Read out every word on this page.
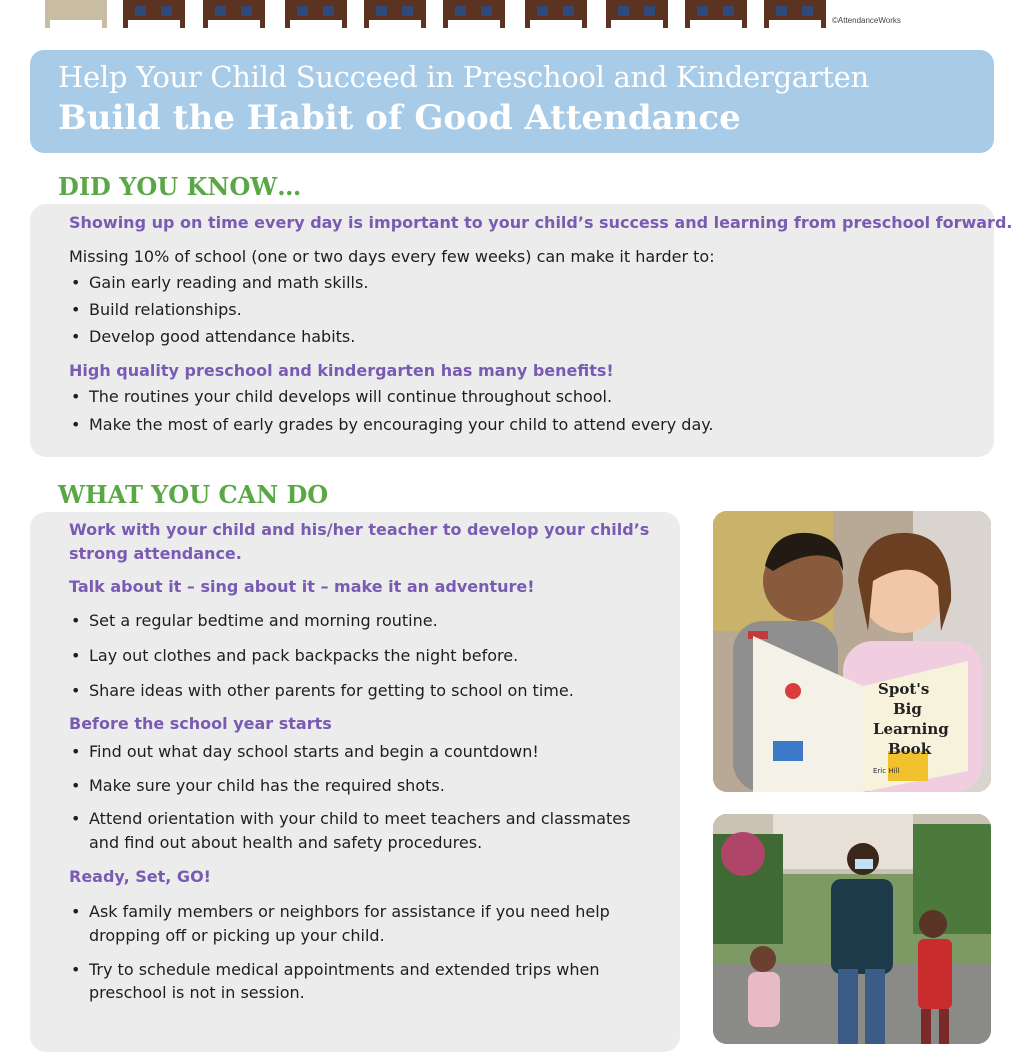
©AttendanceWorks
Help Your Child Succeed in Preschool and Kindergarten
Build the Habit of Good Attendance
DID YOU KNOW…
Showing up on time every day is important to your child’s success and learning from preschool forward.
Missing 10% of school (one or two days every few weeks) can make it harder to:
• Gain early reading and math skills.
• Build relationships.
• Develop good attendance habits.
High quality preschool and kindergarten has many benefits!
• The routines your child develops will continue throughout school.
• Make the most of early grades by encouraging your child to attend every day.
WHAT YOU CAN DO
Work with your child and his/her teacher to develop your child’s
strong attendance.
Talk about it – sing about it – make it an adventure!
• Set a regular bedtime and morning routine.
• Lay out clothes and pack backpacks the night before.
• Share ideas with other parents for getting to school on time.
Before the school year starts
• Find out what day school starts and begin a countdown!
• Make sure your child has the required shots.
• Attend orientation with your child to meet teachers and classmates
and find out about health and safety procedures.
Ready, Set, GO!
• Ask family members or neighbors for assistance if you need help
dropping off or picking up your child.
• Try to schedule medical appointments and extended trips when
preschool is not in session.
Spot's
Big
Learning
Book
Eric Hill
